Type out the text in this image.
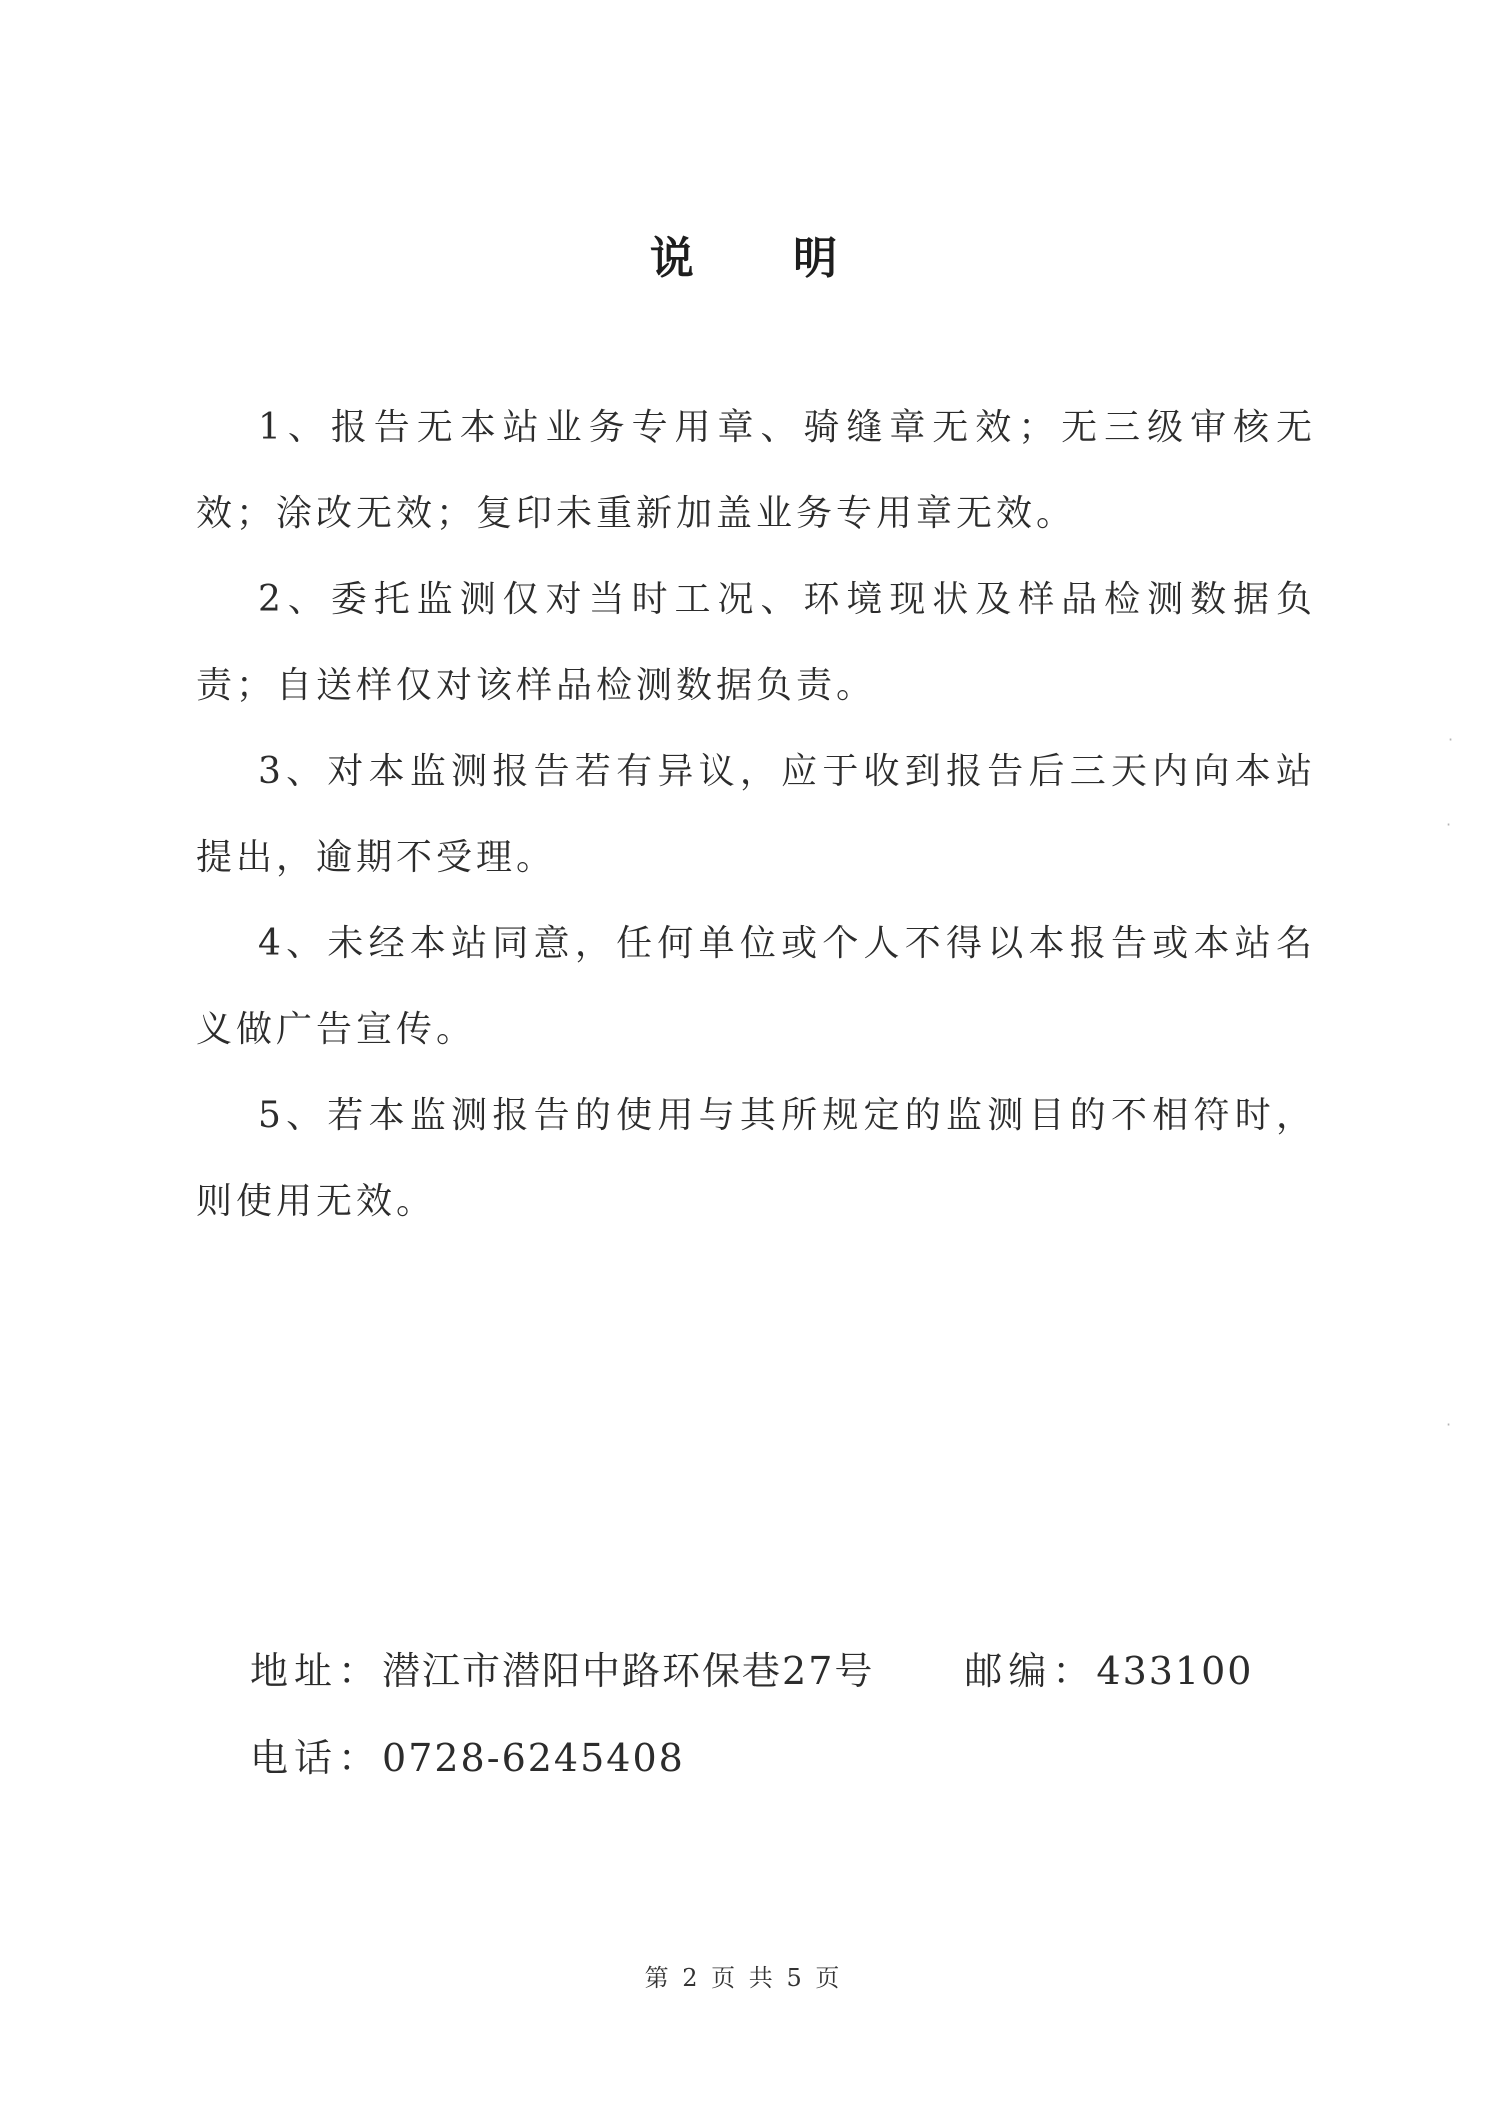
说 明

1、报告无本站业务专用章、骑缝章无效；无三级审核无效；涂改无效；复印未重新加盖业务专用章无效。

2、委托监测仅对当时工况、环境现状及样品检测数据负责；自送样仅对该样品检测数据负责。

3、对本监测报告若有异议，应于收到报告后三天内向本站提出，逾期不受理。

4、未经本站同意，任何单位或个人不得以本报告或本站名义做广告宣传。

5、若本监测报告的使用与其所规定的监测目的不相符时，则使用无效。

地址：潜江市潜阳中路环保巷27号 邮编：433100
电话：0728-6245408
第 2 页 共 5 页
·
·
·
